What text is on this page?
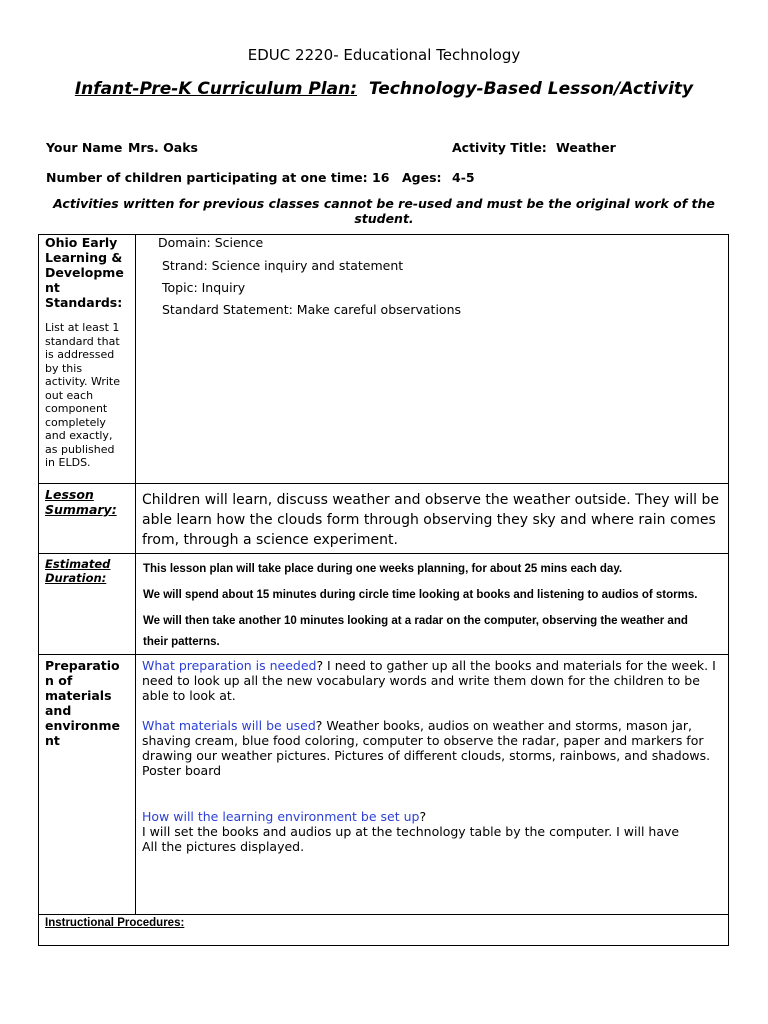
EDUC 2220- Educational Technology
Infant-Pre-K Curriculum Plan: Technology-Based Lesson/Activity
Your Name Mrs. Oaks	Activity Title: Weather
Number of children participating at one time: 16 Ages: 4-5
Activities written for previous classes cannot be re-used and must be the original work of the student.
Ohio Early
Learning &
Developme
nt
Standards:
List at least 1
standard that
is addressed
by this
activity. Write
out each
component
completely
and exactly,
as published
in ELDS.
Domain: Science
Strand: Science inquiry and statement
Topic: Inquiry
Standard Statement: Make careful observations
Lesson
Summary:
Children will learn, discuss weather and observe the weather outside. They will be
able learn how the clouds form through observing they sky and where rain comes
from, through a science experiment.
Estimated
Duration:
This lesson plan will take place during one weeks planning, for about 25 mins each day.
We will spend about 15 minutes during circle time looking at books and listening to audios of storms.
We will then take another 10 minutes looking at a radar on the computer, observing the weather and
their patterns.
Preparatio
n of
materials
and
environme
nt
What preparation is needed? I need to gather up all the books and materials for the week. I
need to look up all the new vocabulary words and write them down for the children to be
able to look at.
What materials will be used? Weather books, audios on weather and storms, mason jar,
shaving cream, blue food coloring, computer to observe the radar, paper and markers for
drawing our weather pictures. Pictures of different clouds, storms, rainbows, and shadows.
Poster board
How will the learning environment be set up?
I will set the books and audios up at the technology table by the computer. I will have
All the pictures displayed.
Instructional Procedures:
